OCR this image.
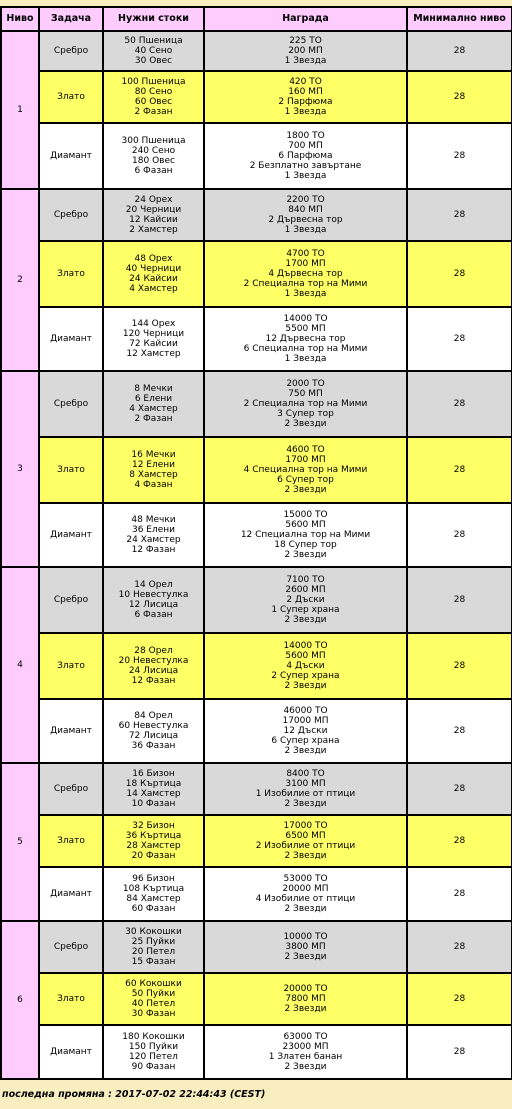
Ниво	Задача	Нужни стоки	Награда	Минимално ниво
1	Сребро	50 Пшеница
40 Сено
30 Овес	225 ТО
200 МП
1 Звезда	28
	Злато	100 Пшеница
80 Сено
60 Овес
2 Фазан	420 ТО
160 МП
2 Парфюма
1 Звезда	28
	Диамант	300 Пшеница
240 Сено
180 Овес
6 Фазан	1800 ТО
700 МП
6 Парфюма
2 Безплатно завъртане
1 Звезда	28
2	Сребро	24 Орех
20 Черници
12 Кайсии
2 Хамстер	2200 ТО
840 МП
2 Дървесна тор
1 Звезда	28
	Злато	48 Орех
40 Черници
24 Кайсии
4 Хамстер	4700 ТО
1700 МП
4 Дървесна тор
2 Специална тор на Мими
1 Звезда	28
	Диамант	144 Орех
120 Черници
72 Кайсии
12 Хамстер	14000 ТО
5500 МП
12 Дървесна тор
6 Специална тор на Мими
1 Звезда	28
3	Сребро	8 Мечки
6 Елени
4 Хамстер
2 Фазан	2000 ТО
750 МП
2 Специална тор на Мими
3 Супер тор
2 Звезди	28
	Злато	16 Мечки
12 Елени
8 Хамстер
4 Фазан	4600 ТО
1700 МП
4 Специална тор на Мими
6 Супер тор
2 Звезди	28
	Диамант	48 Мечки
36 Елени
24 Хамстер
12 Фазан	15000 ТО
5600 МП
12 Специална тор на Мими
18 Супер тор
2 Звезди	28
4	Сребро	14 Орел
10 Невестулка
12 Лисица
6 Фазан	7100 ТО
2600 МП
2 Дъски
1 Супер храна
2 Звезди	28
	Злато	28 Орел
20 Невестулка
24 Лисица
12 Фазан	14000 ТО
5600 МП
4 Дъски
2 Супер храна
2 Звезди	28
	Диамант	84 Орел
60 Невестулка
72 Лисица
36 Фазан	46000 ТО
17000 МП
12 Дъски
6 Супер храна
2 Звезди	28
5	Сребро	16 Бизон
18 Къртица
14 Хамстер
10 Фазан	8400 ТО
3100 МП
1 Изобилие от птици
2 Звезди	28
	Злато	32 Бизон
36 Къртица
28 Хамстер
20 Фазан	17000 ТО
6500 МП
2 Изобилие от птици
2 Звезди	28
	Диамант	96 Бизон
108 Къртица
84 Хамстер
60 Фазан	53000 ТО
20000 МП
4 Изобилие от птици
2 Звезди	28
6	Сребро	30 Кокошки
25 Пуйки
20 Петел
15 Фазан	10000 ТО
3800 МП
2 Звезди	28
	Злато	60 Кокошки
50 Пуйки
40 Петел
30 Фазан	20000 ТО
7800 МП
2 Звезди	28
	Диамант	180 Кокошки
150 Пуйки
120 Петел
90 Фазан	63000 ТО
23000 МП
1 Златен банан
2 Звезди	28
последна промяна : 2017-07-02 22:44:43 (CEST)
